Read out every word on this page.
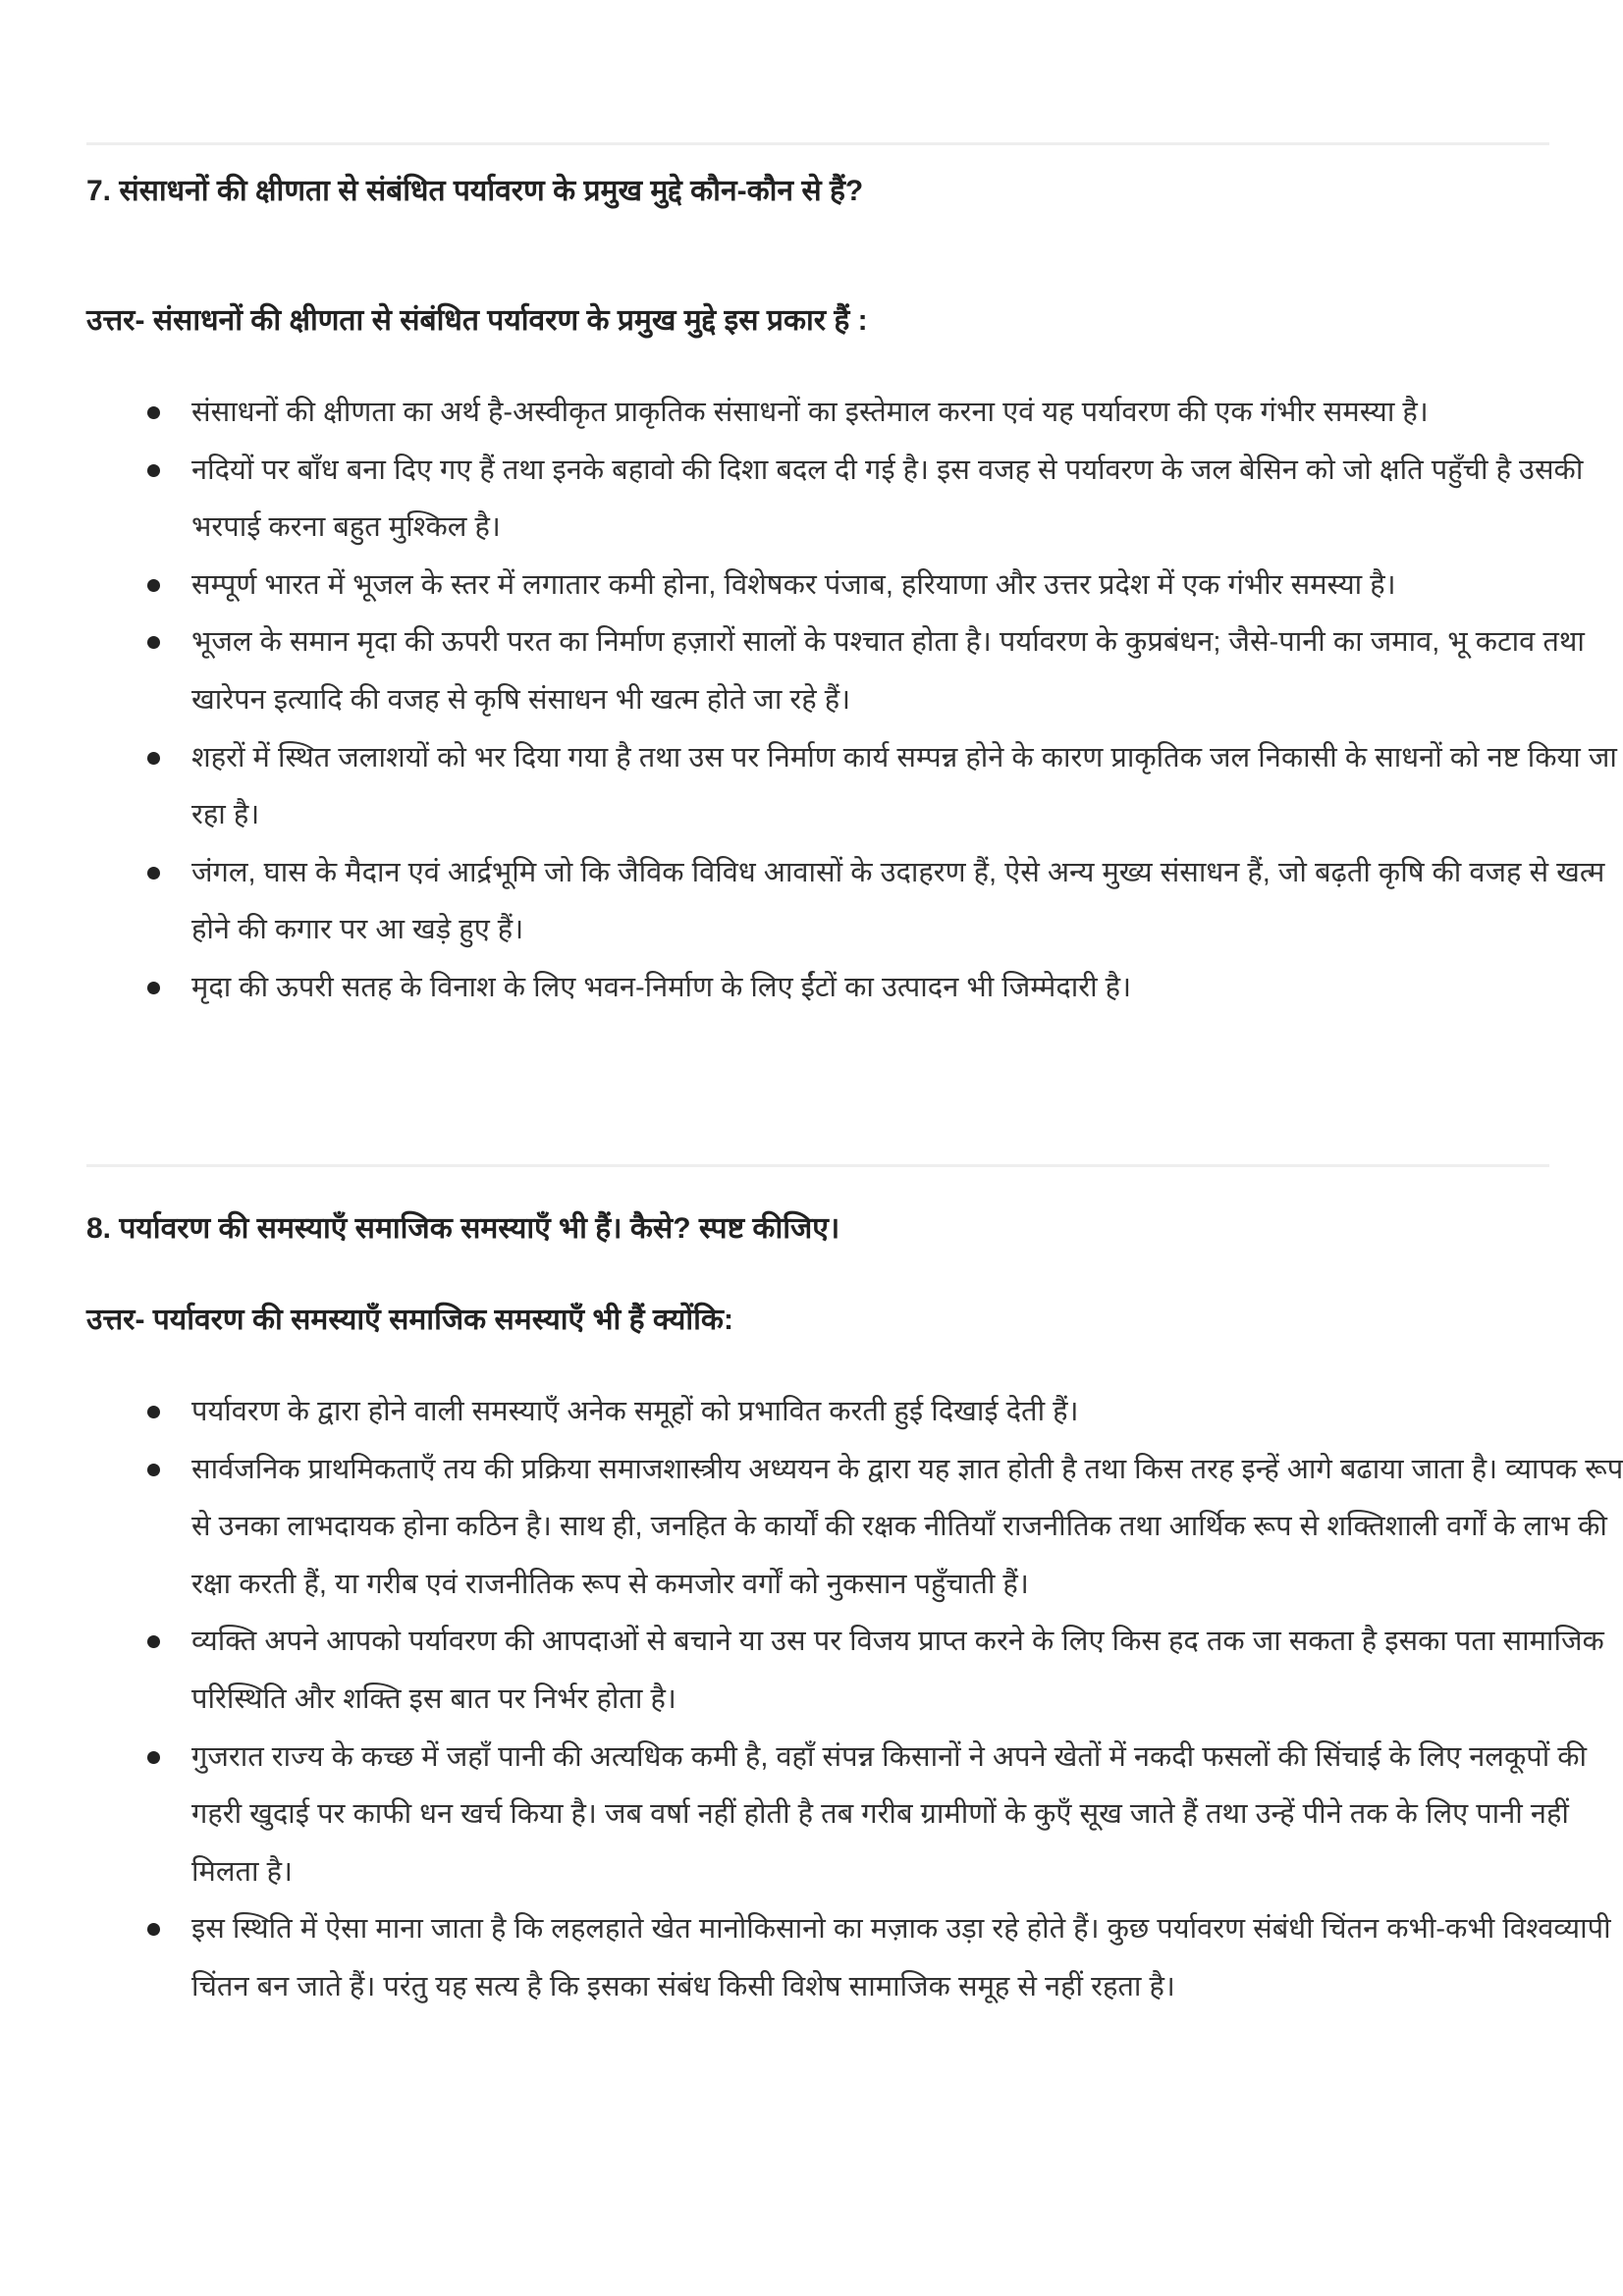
7. संसाधनों की क्षीणता से संबंधित पर्यावरण के प्रमुख मुद्दे कौन-कौन से हैं?
उत्तर- संसाधनों की क्षीणता से संबंधित पर्यावरण के प्रमुख मुद्दे इस प्रकार हैं :
संसाधनों की क्षीणता का अर्थ है-अस्वीकृत प्राकृतिक संसाधनों का इस्तेमाल करना एवं यह पर्यावरण की एक गंभीर समस्या है।
नदियों पर बाँध बना दिए गए हैं तथा इनके बहावो की दिशा बदल दी गई है। इस वजह से पर्यावरण के जल बेसिन को जो क्षति पहुँची है उसकी भरपाई करना बहुत मुश्किल है।
सम्पूर्ण भारत में भूजल के स्तर में लगातार कमी होना, विशेषकर पंजाब, हरियाणा और उत्तर प्रदेश में एक गंभीर समस्या है।
भूजल के समान मृदा की ऊपरी परत का निर्माण हज़ारों सालों के पश्चात होता है। पर्यावरण के कुप्रबंधन; जैसे-पानी का जमाव, भू कटाव तथा खारेपन इत्यादि की वजह से कृषि संसाधन भी खत्म होते जा रहे हैं।
शहरों में स्थित जलाशयों को भर दिया गया है तथा उस पर निर्माण कार्य सम्पन्न होने के कारण प्राकृतिक जल निकासी के साधनों को नष्ट किया जा रहा है।
जंगल, घास के मैदान एवं आर्द्रभूमि जो कि जैविक विविध आवासों के उदाहरण हैं, ऐसे अन्य मुख्य संसाधन हैं, जो बढ़ती कृषि की वजह से खत्म होने की कगार पर आ खड़े हुए हैं।
मृदा की ऊपरी सतह के विनाश के लिए भवन-निर्माण के लिए ईंटों का उत्पादन भी जिम्मेदारी है।
8. पर्यावरण की समस्याएँ समाजिक समस्याएँ भी हैं। कैसे? स्पष्ट कीजिए।
उत्तर- पर्यावरण की समस्याएँ समाजिक समस्याएँ भी हैं क्योंकि:
पर्यावरण के द्वारा होने वाली समस्याएँ अनेक समूहों को प्रभावित करती हुई दिखाई देती हैं।
सार्वजनिक प्राथमिकताएँ तय की प्रक्रिया समाजशास्त्रीय अध्ययन के द्वारा यह ज्ञात होती है तथा किस तरह इन्हें आगे बढाया जाता है। व्यापक रूप से उनका लाभदायक होना कठिन है। साथ ही, जनहित के कार्यों की रक्षक नीतियाँ राजनीतिक तथा आर्थिक रूप से शक्तिशाली वर्गों के लाभ की रक्षा करती हैं, या गरीब एवं राजनीतिक रूप से कमजोर वर्गों को नुकसान पहुँचाती हैं।
व्यक्ति अपने आपको पर्यावरण की आपदाओं से बचाने या उस पर विजय प्राप्त करने के लिए किस हद तक जा सकता है इसका पता सामाजिक परिस्थिति और शक्ति इस बात पर निर्भर होता है।
गुजरात राज्य के कच्छ में जहाँ पानी की अत्यधिक कमी है, वहाँ संपन्न किसानों ने अपने खेतों में नकदी फसलों की सिंचाई के लिए नलकूपों की गहरी खुदाई पर काफी धन खर्च किया है। जब वर्षा नहीं होती है तब गरीब ग्रामीणों के कुएँ सूख जाते हैं तथा उन्हें पीने तक के लिए पानी नहीं मिलता है।
इस स्थिति में ऐसा माना जाता है कि लहलहाते खेत मानोकिसानो का मज़ाक उड़ा रहे होते हैं। कुछ पर्यावरण संबंधी चिंतन कभी-कभी विश्वव्यापी चिंतन बन जाते हैं। परंतु यह सत्य है कि इसका संबंध किसी विशेष सामाजिक समूह से नहीं रहता है।
